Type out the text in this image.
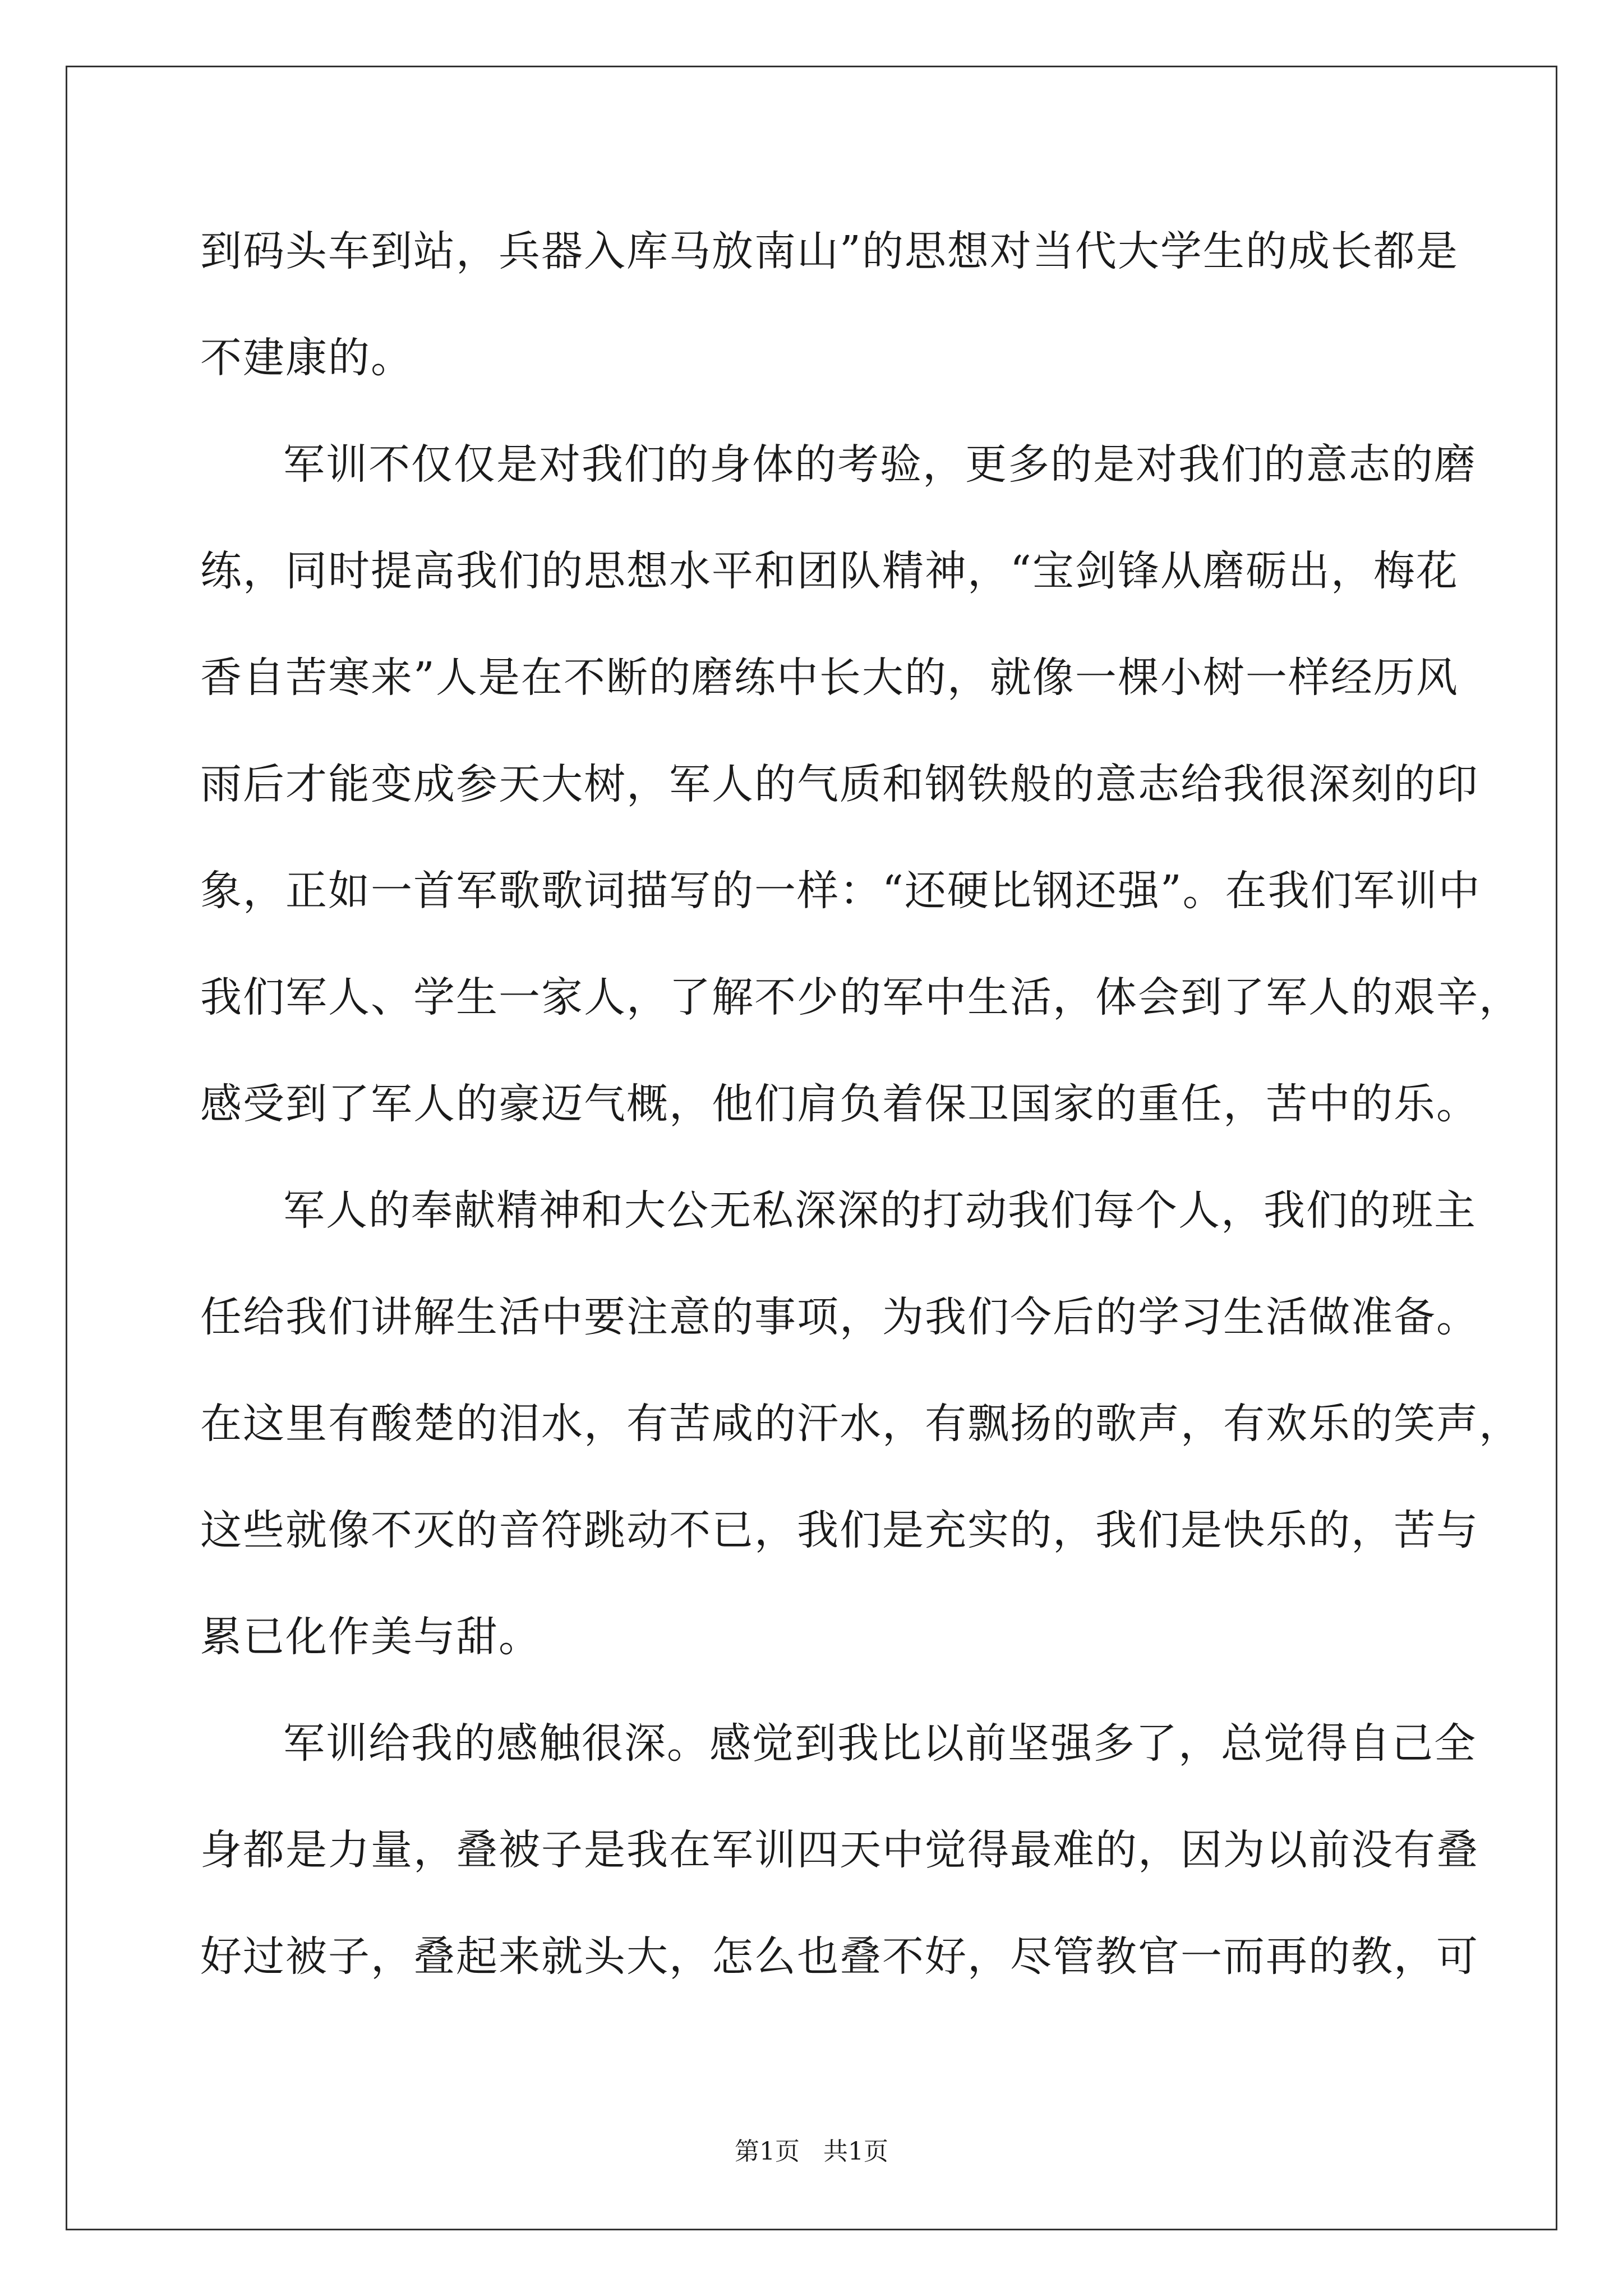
到码头车到站，兵器入库马放南山”的思想对当代大学生的成长都是
不建康的。
军训不仅仅是对我们的身体的考验，更多的是对我们的意志的磨
练，同时提高我们的思想水平和团队精神，“宝剑锋从磨砺出，梅花
香自苦寒来”人是在不断的磨练中长大的，就像一棵小树一样经历风
雨后才能变成参天大树，军人的气质和钢铁般的意志给我很深刻的印
象，正如一首军歌歌词描写的一样：“还硬比钢还强”。在我们军训中
我们军人、学生一家人，了解不少的军中生活，体会到了军人的艰辛，
感受到了军人的豪迈气概，他们肩负着保卫国家的重任，苦中的乐。
军人的奉献精神和大公无私深深的打动我们每个人，我们的班主
任给我们讲解生活中要注意的事项，为我们今后的学习生活做准备。
在这里有酸楚的泪水，有苦咸的汗水，有飘扬的歌声，有欢乐的笑声，
这些就像不灭的音符跳动不已，我们是充实的，我们是快乐的，苦与
累已化作美与甜。
军训给我的感触很深。感觉到我比以前坚强多了，总觉得自己全
身都是力量，叠被子是我在军训四天中觉得最难的，因为以前没有叠
好过被子，叠起来就头大，怎么也叠不好，尽管教官一而再的教，可
第1页   共1页
